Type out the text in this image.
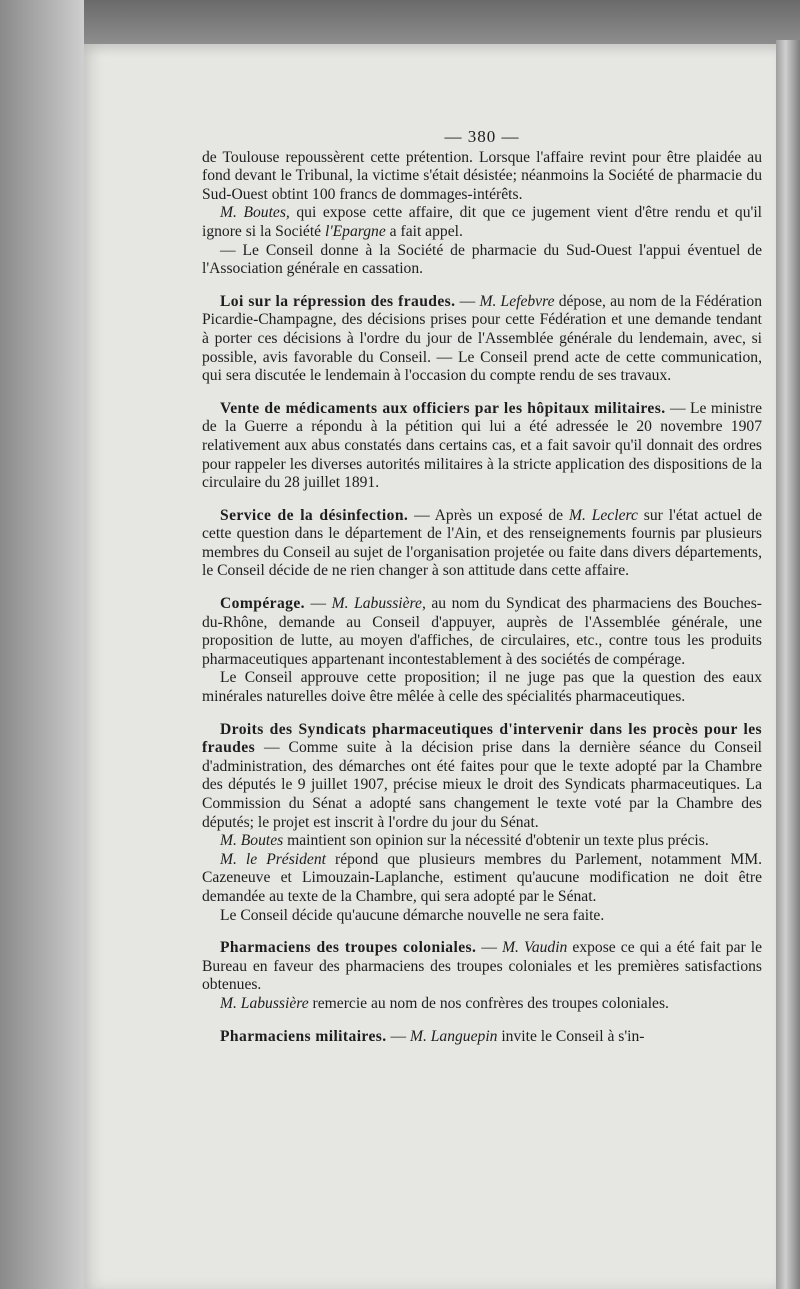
— 380 —

de Toulouse repoussèrent cette prétention. Lorsque l'affaire revint pour être plaidée au fond devant le Tribunal, la victime s'était désistée; néanmoins la Société de pharmacie du Sud-Ouest obtint 100 francs de dommages-intérêts.

M. Boutes, qui expose cette affaire, dit que ce jugement vient d'être rendu et qu'il ignore si la Société l'Epargne a fait appel.

— Le Conseil donne à la Société de pharmacie du Sud-Ouest l'appui éventuel de l'Association générale en cassation.

Loi sur la répression des fraudes. — M. Lefebvre dépose, au nom de la Fédération Picardie-Champagne, des décisions prises pour cette Fédération et une demande tendant à porter ces décisions à l'ordre du jour de l'Assemblée générale du lendemain, avec, si possible, avis favorable du Conseil. — Le Conseil prend acte de cette communication, qui sera discutée le lendemain à l'occasion du compte rendu de ses travaux.

Vente de médicaments aux officiers par les hôpitaux militaires. — Le ministre de la Guerre a répondu à la pétition qui lui a été adressée le 20 novembre 1907 relativement aux abus constatés dans certains cas, et a fait savoir qu'il donnait des ordres pour rappeler les diverses autorités militaires à la stricte application des dispositions de la circulaire du 28 juillet 1891.

Service de la désinfection. — Après un exposé de M. Leclerc sur l'état actuel de cette question dans le département de l'Ain, et des renseignements fournis par plusieurs membres du Conseil au sujet de l'organisation projetée ou faite dans divers départements, le Conseil décide de ne rien changer à son attitude dans cette affaire.

Compérage. — M. Labussière, au nom du Syndicat des pharmaciens des Bouches-du-Rhône, demande au Conseil d'appuyer, auprès de l'Assemblée générale, une proposition de lutte, au moyen d'affiches, de circulaires, etc., contre tous les produits pharmaceutiques appartenant incontestablement à des sociétés de compérage.

Le Conseil approuve cette proposition; il ne juge pas que la question des eaux minérales naturelles doive être mêlée à celle des spécialités pharmaceutiques.

Droits des Syndicats pharmaceutiques d'intervenir dans les procès pour les fraudes — Comme suite à la décision prise dans la dernière séance du Conseil d'administration, des démarches ont été faites pour que le texte adopté par la Chambre des députés le 9 juillet 1907, précise mieux le droit des Syndicats pharmaceutiques. La Commission du Sénat a adopté sans changement le texte voté par la Chambre des députés; le projet est inscrit à l'ordre du jour du Sénat.

M. Boutes maintient son opinion sur la nécessité d'obtenir un texte plus précis.

M. le Président répond que plusieurs membres du Parlement, notamment MM. Cazeneuve et Limouzain-Laplanche, estiment qu'aucune modification ne doit être demandée au texte de la Chambre, qui sera adopté par le Sénat.

Le Conseil décide qu'aucune démarche nouvelle ne sera faite.

Pharmaciens des troupes coloniales. — M. Vaudin expose ce qui a été fait par le Bureau en faveur des pharmaciens des troupes coloniales et les premières satisfactions obtenues.

M. Labussière remercie au nom de nos confrères des troupes coloniales.

Pharmaciens militaires. — M. Languepin invite le Conseil à s'in-
